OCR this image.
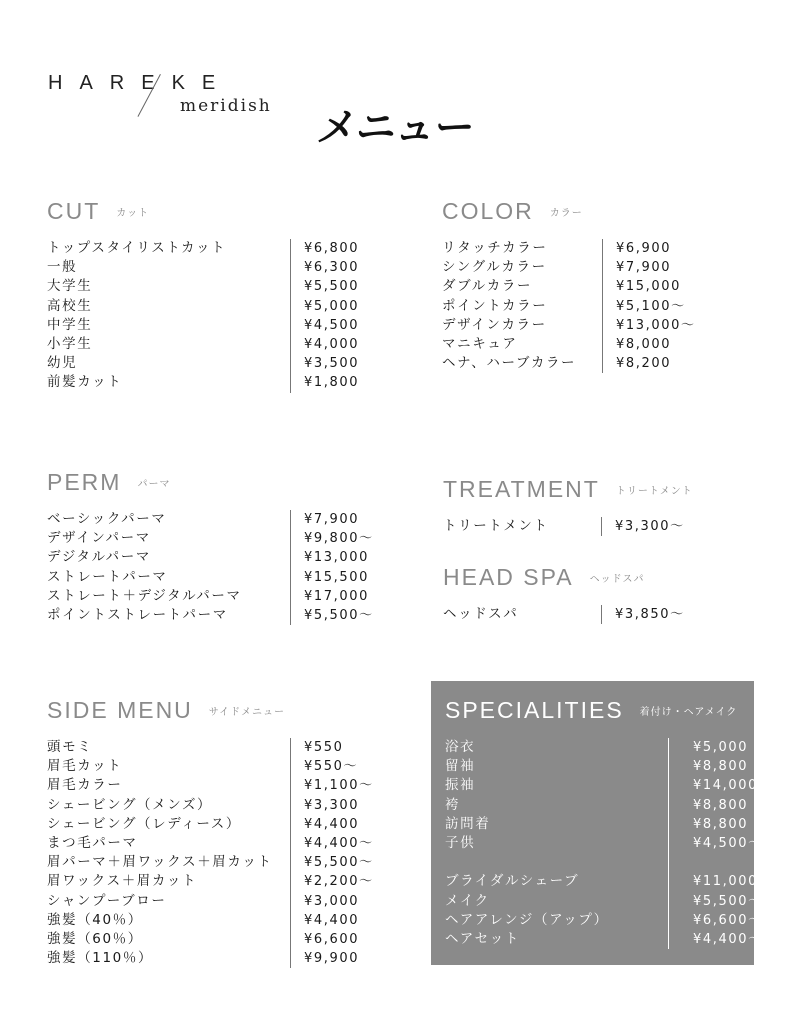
HAREKE
meridish メニュー
CUT カット
トップスタイリストカット
一般
大学生
高校生
中学生
小学生
幼児
前髪カット
¥6,800
¥6,300
¥5,500
¥5,000
¥4,500
¥4,000
¥3,500
¥1,800
COLOR カラー
リタッチカラー
シングルカラー
ダブルカラー
ポイントカラー
デザインカラー
マニキュア
ヘナ、ハーブカラー
¥6,900
¥7,900
¥15,000
¥5,100〜
¥13,000〜
¥8,000
¥8,200
PERM パーマ
ベーシックパーマ
デザインパーマ
デジタルパーマ
ストレートパーマ
ストレート＋デジタルパーマ
ポイントストレートパーマ
¥7,900
¥9,800〜
¥13,000
¥15,500
¥17,000
¥5,500〜
TREATMENT トリートメント
トリートメント	¥3,300〜
HEAD SPA ヘッドスパ
ヘッドスパ	¥3,850〜
SIDE MENU サイドメニュー
頭モミ
眉毛カット
眉毛カラー
シェービング（メンズ）
シェービング（レディース）
まつ毛パーマ
眉パーマ＋眉ワックス＋眉カット
眉ワックス＋眉カット
シャンプーブロー
強髪（40％）
強髪（60％）
強髪（110％）
¥550
¥550〜
¥1,100〜
¥3,300
¥4,400
¥4,400〜
¥5,500〜
¥2,200〜
¥3,000
¥4,400
¥6,600
¥9,900
SPECIALITIES 着付け・ヘアメイク
浴衣
留袖
振袖
袴
訪問着
子供
ブライダルシェーブ
メイク
ヘアアレンジ（アップ）
ヘアセット
¥5,000
¥8,800
¥14,000
¥8,800
¥8,800
¥4,500〜
¥11,000〜
¥5,500〜
¥6,600〜
¥4,400〜
